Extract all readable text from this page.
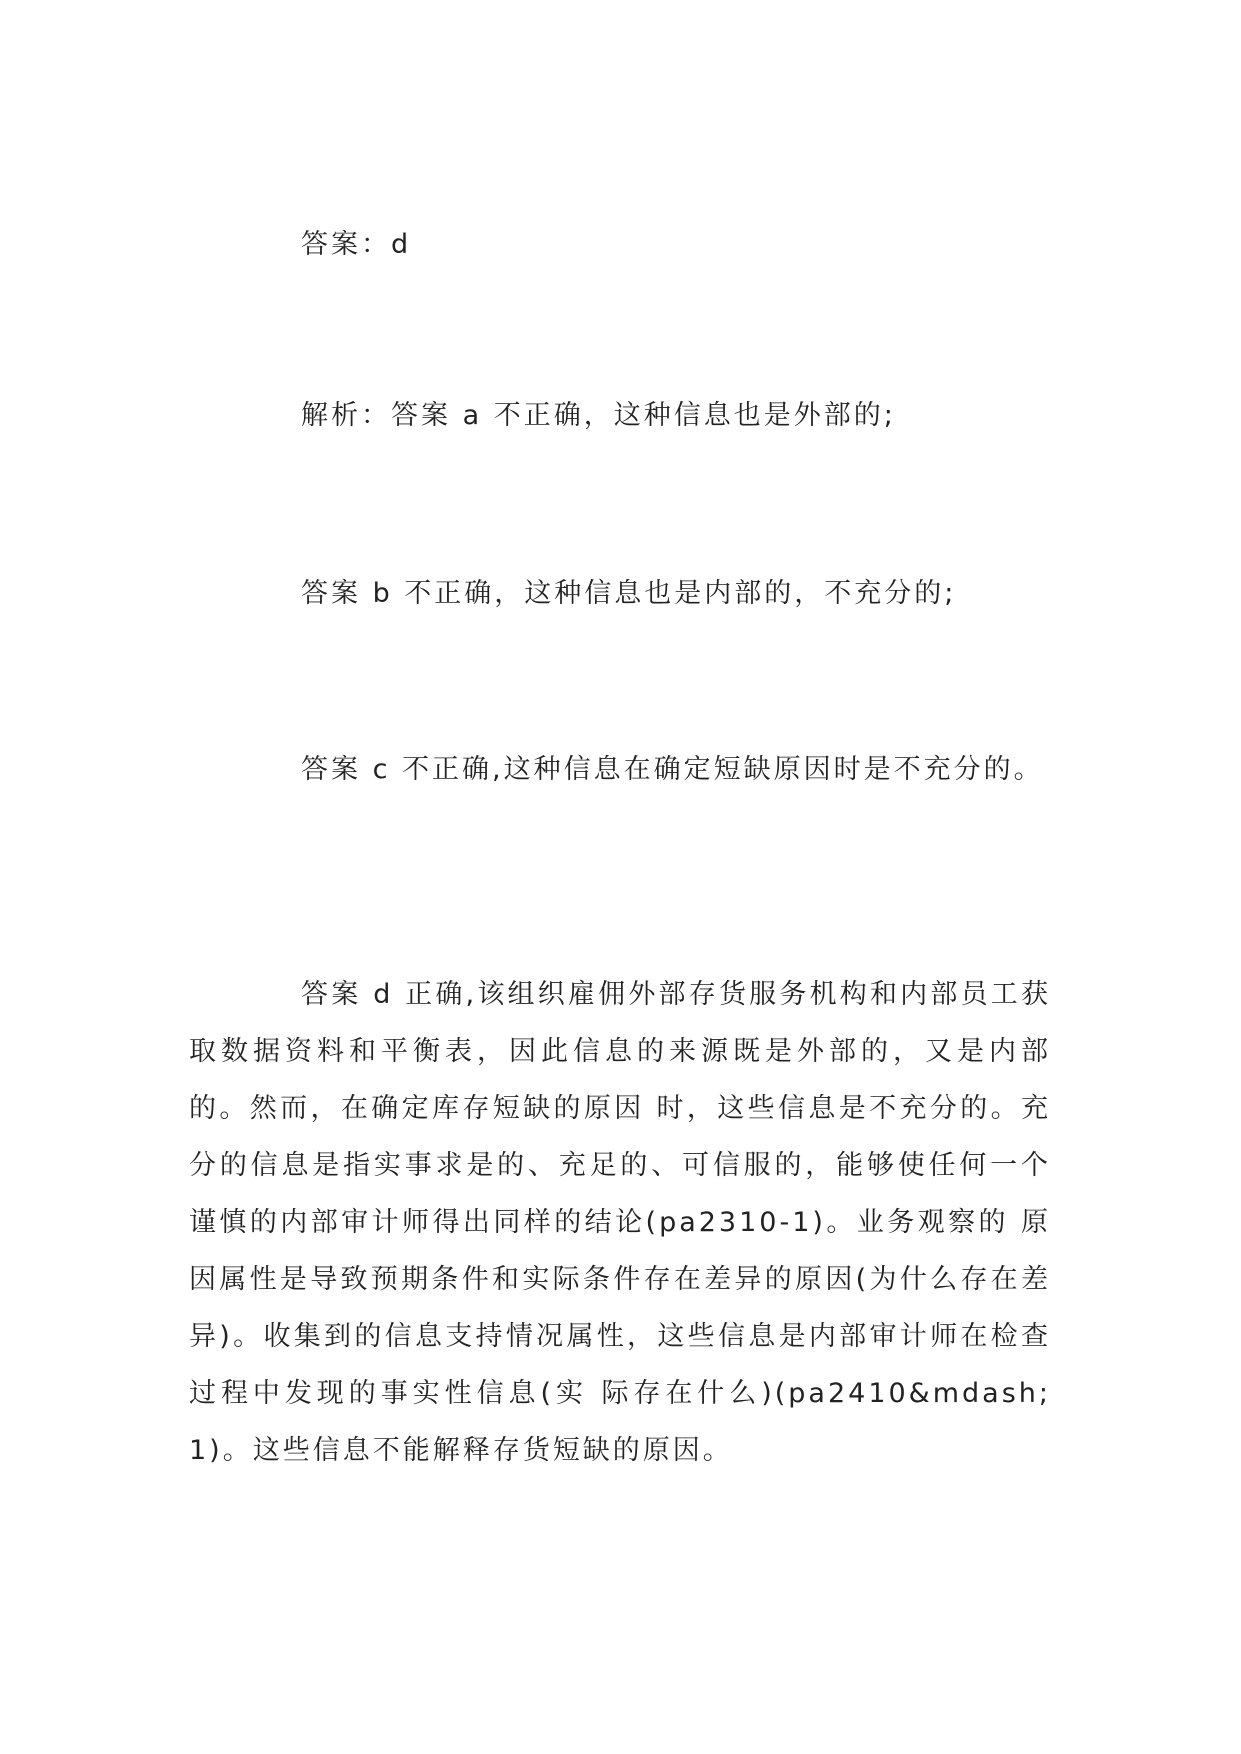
答案：d

解析：答案 a 不正确，这种信息也是外部的;

答案 b 不正确，这种信息也是内部的，不充分的;

答案 c 不正确,这种信息在确定短缺原因时是不充分的。

答案 d 正确,该组织雇佣外部存货服务机构和内部员工获取数据资料和平衡表，因此信息的来源既是外部的，又是内部的。然而，在确定库存短缺的原因 时，这些信息是不充分的。充分的信息是指实事求是的、充足的、可信服的，能够使任何一个谨慎的内部审计师得出同样的结论(pa2310-1)。业务观察的 原因属性是导致预期条件和实际条件存在差异的原因(为什么存在差异)。收集到的信息支持情况属性，这些信息是内部审计师在检查过程中发现的事实性信息(实 际存在什么)(pa2410&mdash;1)。这些信息不能解释存货短缺的原因。
